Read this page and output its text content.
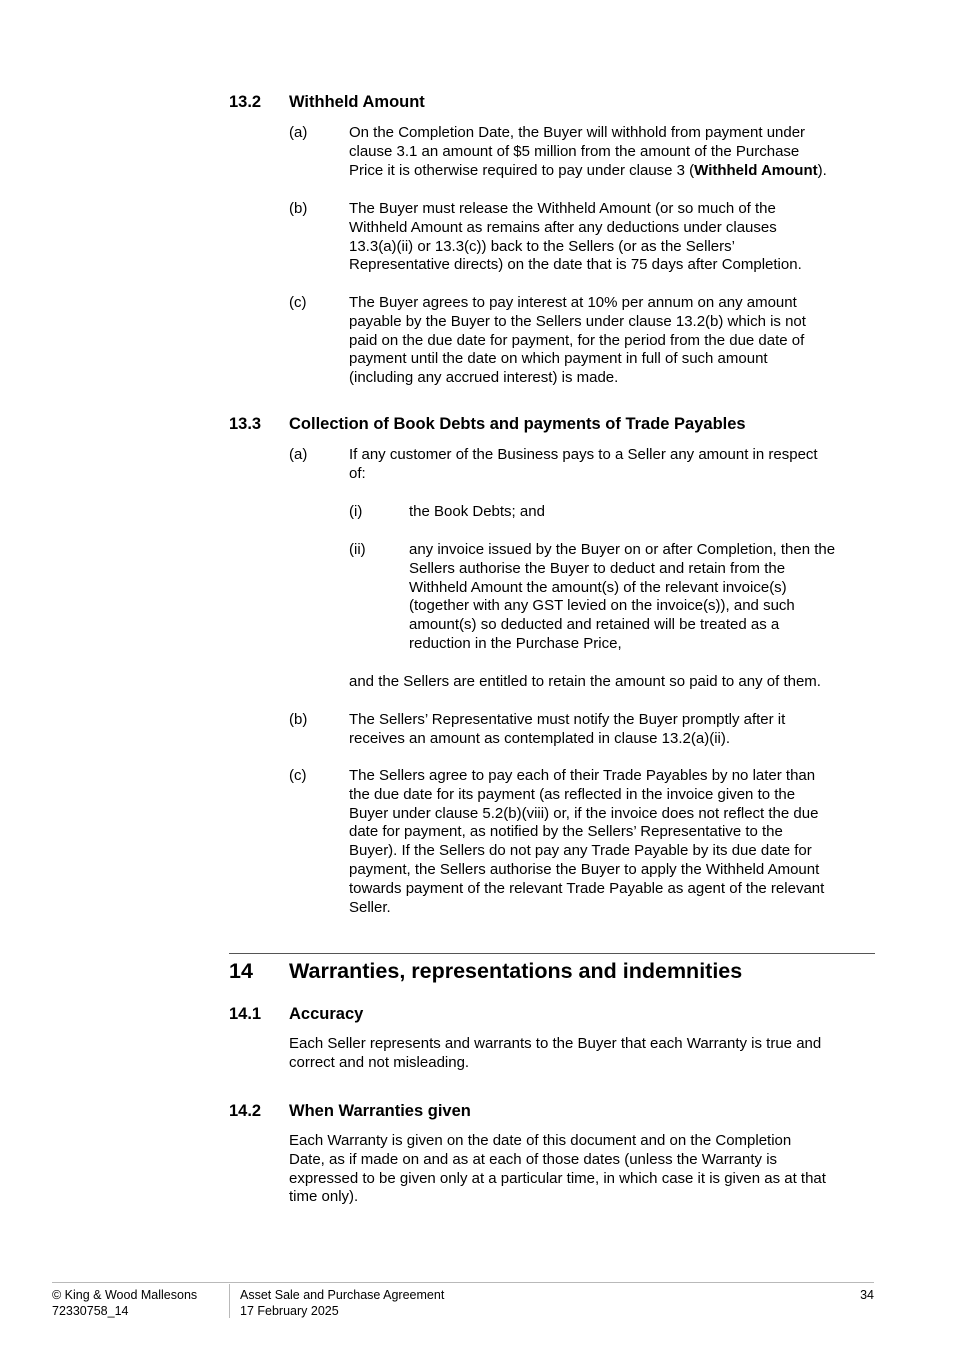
13.2 Withheld Amount
(a)	On the Completion Date, the Buyer will withhold from payment under
clause 3.1 an amount of $5 million from the amount of the Purchase
Price it is otherwise required to pay under clause 3 (Withheld Amount).
(b)	The Buyer must release the Withheld Amount (or so much of the
Withheld Amount as remains after any deductions under clauses
13.3(a)(ii) or 13.3(c)) back to the Sellers (or as the Sellers’
Representative directs) on the date that is 75 days after Completion.
(c)	The Buyer agrees to pay interest at 10% per annum on any amount
payable by the Buyer to the Sellers under clause 13.2(b) which is not
paid on the due date for payment, for the period from the due date of
payment until the date on which payment in full of such amount
(including any accrued interest) is made.
13.3 Collection of Book Debts and payments of Trade Payables
(a)	If any customer of the Business pays to a Seller any amount in respect
of:
(i)	the Book Debts; and
(ii)	any invoice issued by the Buyer on or after Completion, then the
Sellers authorise the Buyer to deduct and retain from the
Withheld Amount the amount(s) of the relevant invoice(s)
(together with any GST levied on the invoice(s)), and such
amount(s) so deducted and retained will be treated as a
reduction in the Purchase Price,
and the Sellers are entitled to retain the amount so paid to any of them.
(b)	The Sellers’ Representative must notify the Buyer promptly after it
receives an amount as contemplated in clause 13.2(a)(ii).
(c)	The Sellers agree to pay each of their Trade Payables by no later than
the due date for its payment (as reflected in the invoice given to the
Buyer under clause 5.2(b)(viii) or, if the invoice does not reflect the due
date for payment, as notified by the Sellers’ Representative to the
Buyer). If the Sellers do not pay any Trade Payable by its due date for
payment, the Sellers authorise the Buyer to apply the Withheld Amount
towards payment of the relevant Trade Payable as agent of the relevant
Seller.
14 Warranties, representations and indemnities
14.1 Accuracy
Each Seller represents and warrants to the Buyer that each Warranty is true and
correct and not misleading.
14.2 When Warranties given
Each Warranty is given on the date of this document and on the Completion
Date, as if made on and as at each of those dates (unless the Warranty is
expressed to be given only at a particular time, in which case it is given as at that
time only).
© King & Wood Mallesons
72330758_14
Asset Sale and Purchase Agreement
17 February 2025
34
